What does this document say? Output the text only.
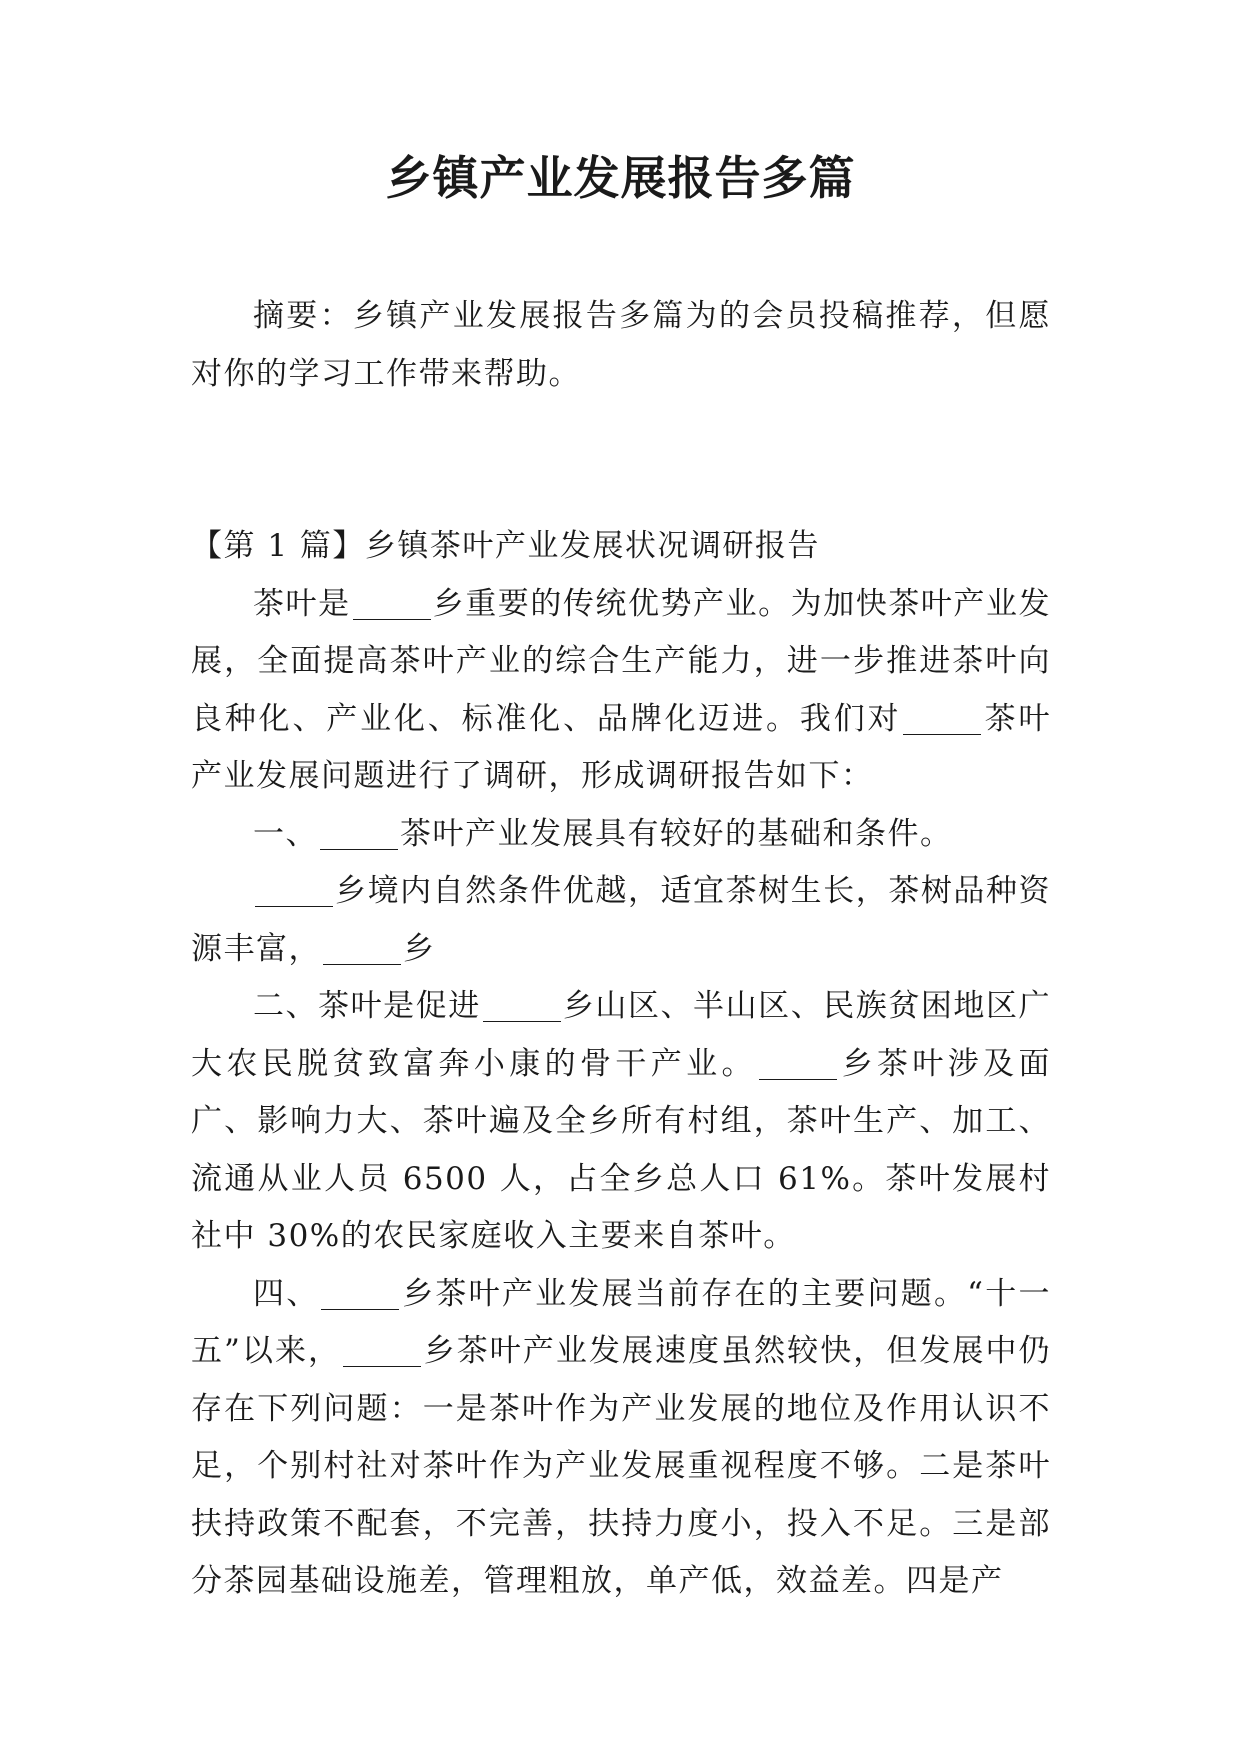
乡镇产业发展报告多篇

摘要：乡镇产业发展报告多篇为的会员投稿推荐，但愿对你的学习工作带来帮助。

【第 1 篇】乡镇茶叶产业发展状况调研报告

茶叶是	乡重要的传统优势产业。为加快茶叶产业发展，全面提高茶叶产业的综合生产能力，进一步推进茶叶向良种化、产业化、标准化、品牌化迈进。我们对	茶叶产业发展问题进行了调研，形成调研报告如下：

一、	茶叶产业发展具有较好的基础和条件。

乡境内自然条件优越，适宜茶树生长，茶树品种资源丰富，	乡

二、茶叶是促进	乡山区、半山区、民族贫困地区广大农民脱贫致富奔小康的骨干产业。	乡茶叶涉及面广、影响力大、茶叶遍及全乡所有村组，茶叶生产、加工、流通从业人员 6500 人，占全乡总人口 61%。茶叶发展村社中 30%的农民家庭收入主要来自茶叶。

四、	乡茶叶产业发展当前存在的主要问题。“十一五”以来，	乡茶叶产业发展速度虽然较快，但发展中仍存在下列问题：一是茶叶作为产业发展的地位及作用认识不足，个别村社对茶叶作为产业发展重视程度不够。二是茶叶扶持政策不配套，不完善，扶持力度小，投入不足。三是部分茶园基础设施差，管理粗放，单产低，效益差。四是产
